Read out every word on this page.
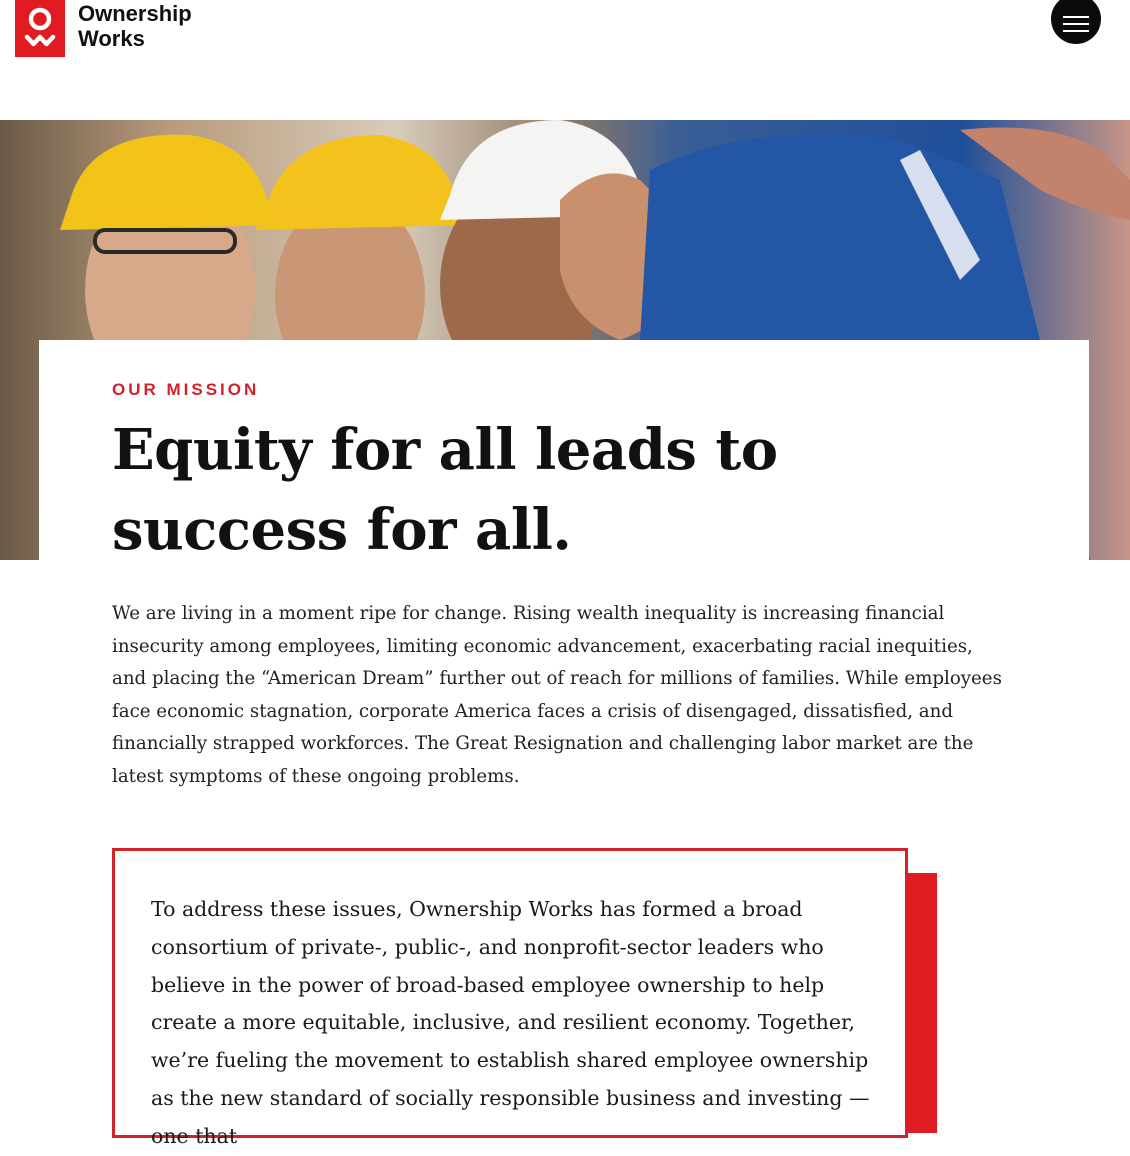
Ownership
Works
OUR MISSION
Equity for all leads to success for all.

We are living in a moment ripe for change. Rising wealth inequality is increasing financial insecurity among employees, limiting economic advancement, exacerbating racial inequities, and placing the “American Dream” further out of reach for millions of families. While employees face economic stagnation, corporate America faces a crisis of disengaged, dissatisfied, and financially strapped workforces. The Great Resignation and challenging labor market are the latest symptoms of these ongoing problems.

To address these issues, Ownership Works has formed a broad consortium of private-, public-, and nonprofit-sector leaders who believe in the power of broad-based employee ownership to help create a more equitable, inclusive, and resilient economy. Together, we’re fueling the movement to establish shared employee ownership as the new standard of socially responsible business and investing — one that
